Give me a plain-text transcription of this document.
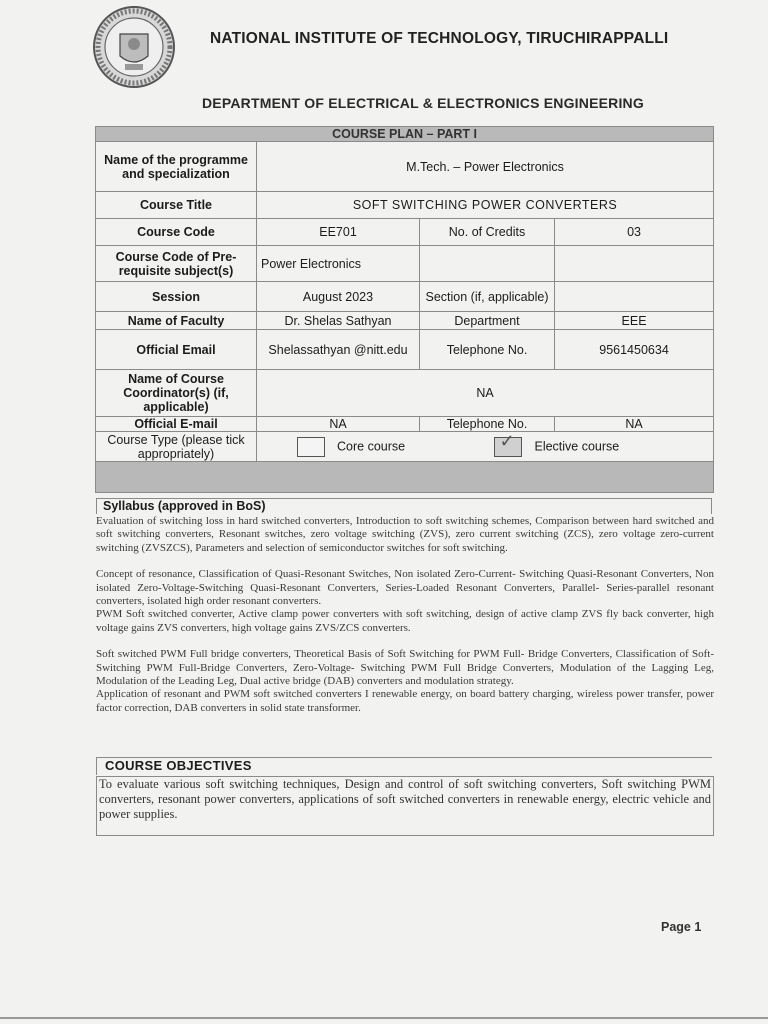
NATIONAL INSTITUTE OF TECHNOLOGY, TIRUCHIRAPPALLI
DEPARTMENT OF ELECTRICAL & ELECTRONICS ENGINEERING
COURSE PLAN – PART I			
Name of the programme and specialization	M.Tech. – Power Electronics		
Course Title	SOFT SWITCHING POWER CONVERTERS		
Course Code	EE701	No. of Credits	03
Course Code of Pre-requisite subject(s)	Power Electronics		
Session	August 2023	Section (if, applicable)	
Name of Faculty	Dr. Shelas Sathyan	Department	EEE
Official Email	Shelassathyan @nitt.edu	Telephone No.	9561450634
Name of Course Coordinator(s) (if, applicable)	NA		
Official E-mail	NA	Telephone No.	NA
Course Type (please tick appropriately)	Core course ✓ Elective course		

Syllabus (approved in BoS)

Evaluation of switching loss in hard switched converters, Introduction to soft switching schemes, Comparison between hard switched and soft switching converters, Resonant switches, zero voltage switching (ZVS), zero current switching (ZCS), zero voltage zero-current switching (ZVSZCS), Parameters and selection of semiconductor switches for soft switching.

Concept of resonance, Classification of Quasi-Resonant Switches, Non isolated Zero-Current- Switching Quasi-Resonant Converters, Non isolated Zero-Voltage-Switching Quasi-Resonant Converters, Series-Loaded Resonant Converters, Parallel- Series-parallel resonant converters, isolated high order resonant converters.

PWM Soft switched converter, Active clamp power converters with soft switching, design of active clamp ZVS fly back converter, high voltage gains ZVS converters, high voltage gains ZVS/ZCS converters.

Soft switched PWM Full bridge converters, Theoretical Basis of Soft Switching for PWM Full- Bridge Converters, Classification of Soft-Switching PWM Full-Bridge Converters, Zero-Voltage- Switching PWM Full Bridge Converters, Modulation of the Lagging Leg, Modulation of the Leading Leg, Dual active bridge (DAB) converters and modulation strategy.

Application of resonant and PWM soft switched converters I renewable energy, on board battery charging, wireless power transfer, power factor correction, DAB converters in solid state transformer.

COURSE OBJECTIVES
To evaluate various soft switching techniques, Design and control of soft switching converters, Soft switching PWM converters, resonant power converters, applications of soft switched converters in renewable energy, electric vehicle and power supplies.
Page 1
